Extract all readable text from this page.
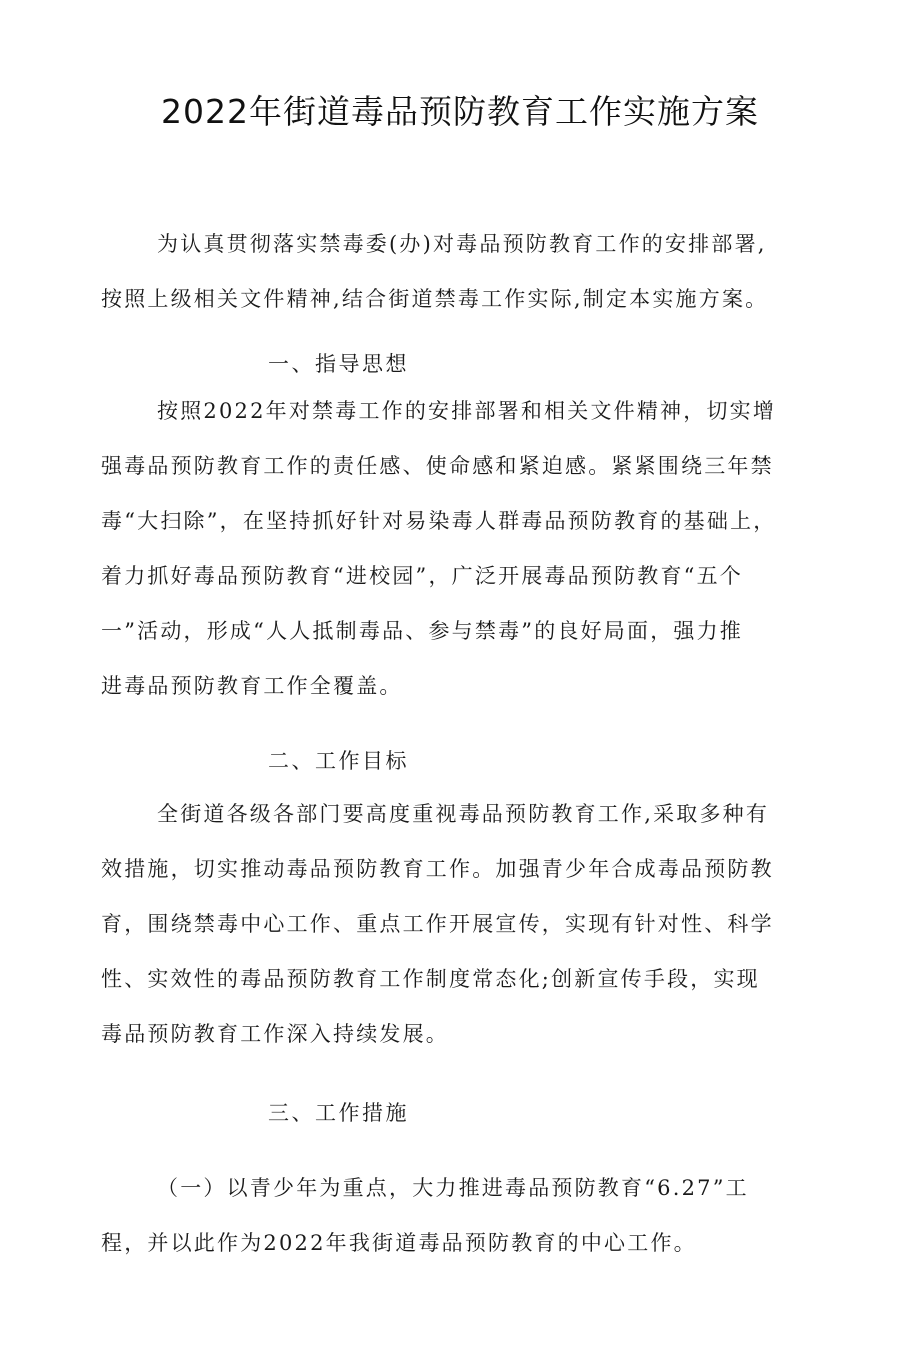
2022年街道毒品预防教育工作实施方案
为认真贯彻落实禁毒委(办)对毒品预防教育工作的安排部署,
按照上级相关文件精神,结合街道禁毒工作实际,制定本实施方案。
一、指导思想
按照2022年对禁毒工作的安排部署和相关文件精神，切实增
强毒品预防教育工作的责任感、使命感和紧迫感。紧紧围绕三年禁
毒“大扫除”，在坚持抓好针对易染毒人群毒品预防教育的基础上，
着力抓好毒品预防教育“进校园”，广泛开展毒品预防教育“五个
一”活动，形成“人人抵制毒品、参与禁毒”的良好局面，强力推
进毒品预防教育工作全覆盖。
二、工作目标
全街道各级各部门要高度重视毒品预防教育工作,采取多种有
效措施，切实推动毒品预防教育工作。加强青少年合成毒品预防教
育，围绕禁毒中心工作、重点工作开展宣传，实现有针对性、科学
性、实效性的毒品预防教育工作制度常态化;创新宣传手段，实现
毒品预防教育工作深入持续发展。
三、工作措施
（一）以青少年为重点，大力推进毒品预防教育“6.27”工
程，并以此作为2022年我街道毒品预防教育的中心工作。
